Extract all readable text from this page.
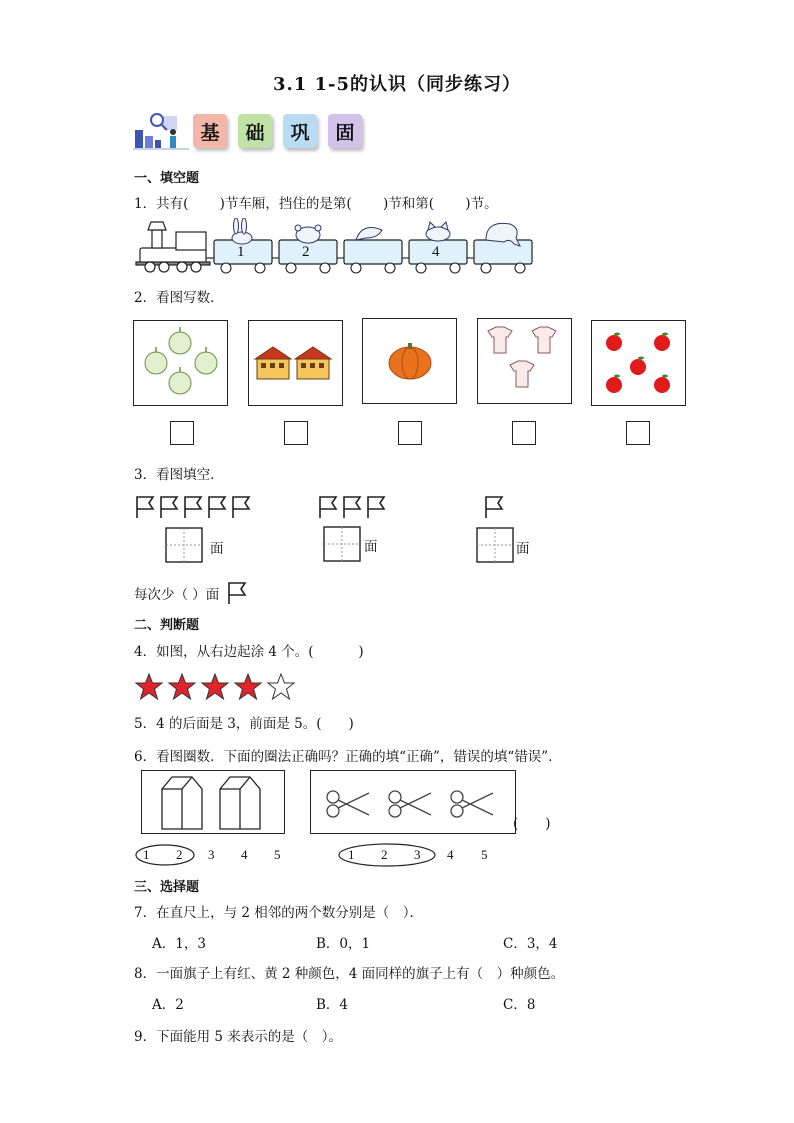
3.1 1-5的认识（同步练习）
基	础	巩	固
一、填空题
1．共有(　　 )节车厢，挡住的是第(　　 )节和第(　　 )节。
1	2	4
2．看图写数．
3．看图填空．
面	面	面
每次少（ ）面
二、判断题
4．如图，从右边起涂 4 个。(　　　 )
5．4 的后面是 3，前面是 5。(　　)
6．看图圈数．下面的圈法正确吗？正确的填“正确”，错误的填“错误”．
(　　)
1 2 3 4 5	1 2 3 4 5
三、选择题
7．在直尺上，与 2 相邻的两个数分别是（　）．
A．1，3	B．0，1	C．3，4
8．一面旗子上有红、黄 2 种颜色，4 面同样的旗子上有（　）种颜色。
A．2	B．4	C．8
9．下面能用 5 来表示的是（　）。
